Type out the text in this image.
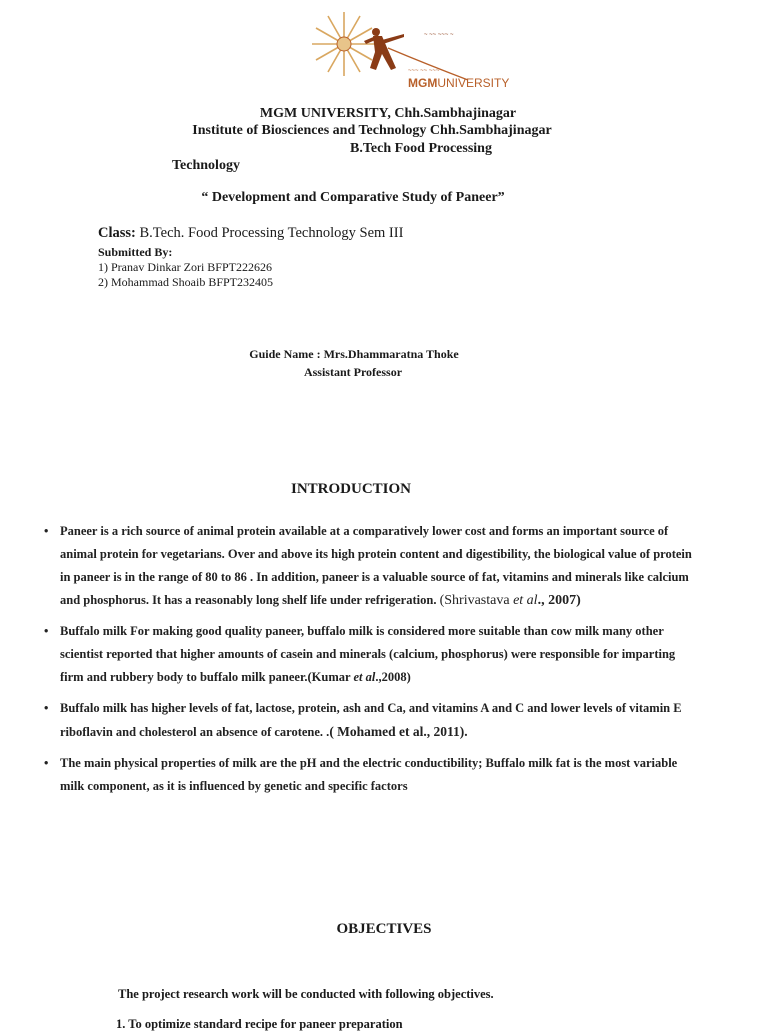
~ ~~ ~~~ ~
~~~ ~~ ~~~
MGMUNIVERSITY
MGM UNIVERSITY, Chh.Sambhajinagar
Institute of Biosciences and Technology Chh.Sambhajinagar
B.Tech Food Processing
Technology
“ Development and Comparative Study of Paneer”
Class: B.Tech. Food Processing Technology Sem III
Submitted By:
1) Pranav Dinkar Zori BFPT222626
2) Mohammad Shoaib BFPT232405
Guide Name : Mrs.Dhammaratna Thoke
Assistant Professor
INTRODUCTION
• Paneer is a rich source of animal protein available at a comparatively lower cost and forms an important source of animal protein for vegetarians. Over and above its high protein content and digestibility, the biological value of protein in paneer is in the range of 80 to 86 . In addition, paneer is a valuable source of fat, vitamins and minerals like calcium and phosphorus. It has a reasonably long shelf life under refrigeration. (Shrivastava et al., 2007)
• Buffalo milk For making good quality paneer, buffalo milk is considered more suitable than cow milk many other scientist reported that higher amounts of casein and minerals (calcium, phosphorus) were responsible for imparting firm and rubbery body to buffalo milk paneer.(Kumar et al.,2008)
• Buffalo milk has higher levels of fat, lactose, protein, ash and Ca, and vitamins A and C and lower levels of vitamin E riboflavin and cholesterol an absence of carotene. .( Mohamed et al., 2011).
• The main physical properties of milk are the pH and the electric conductibility; Buffalo milk fat is the most variable milk component, as it is influenced by genetic and specific factors
OBJECTIVES
The project research work will be conducted with following objectives.
1. To optimize standard recipe for paneer preparation
